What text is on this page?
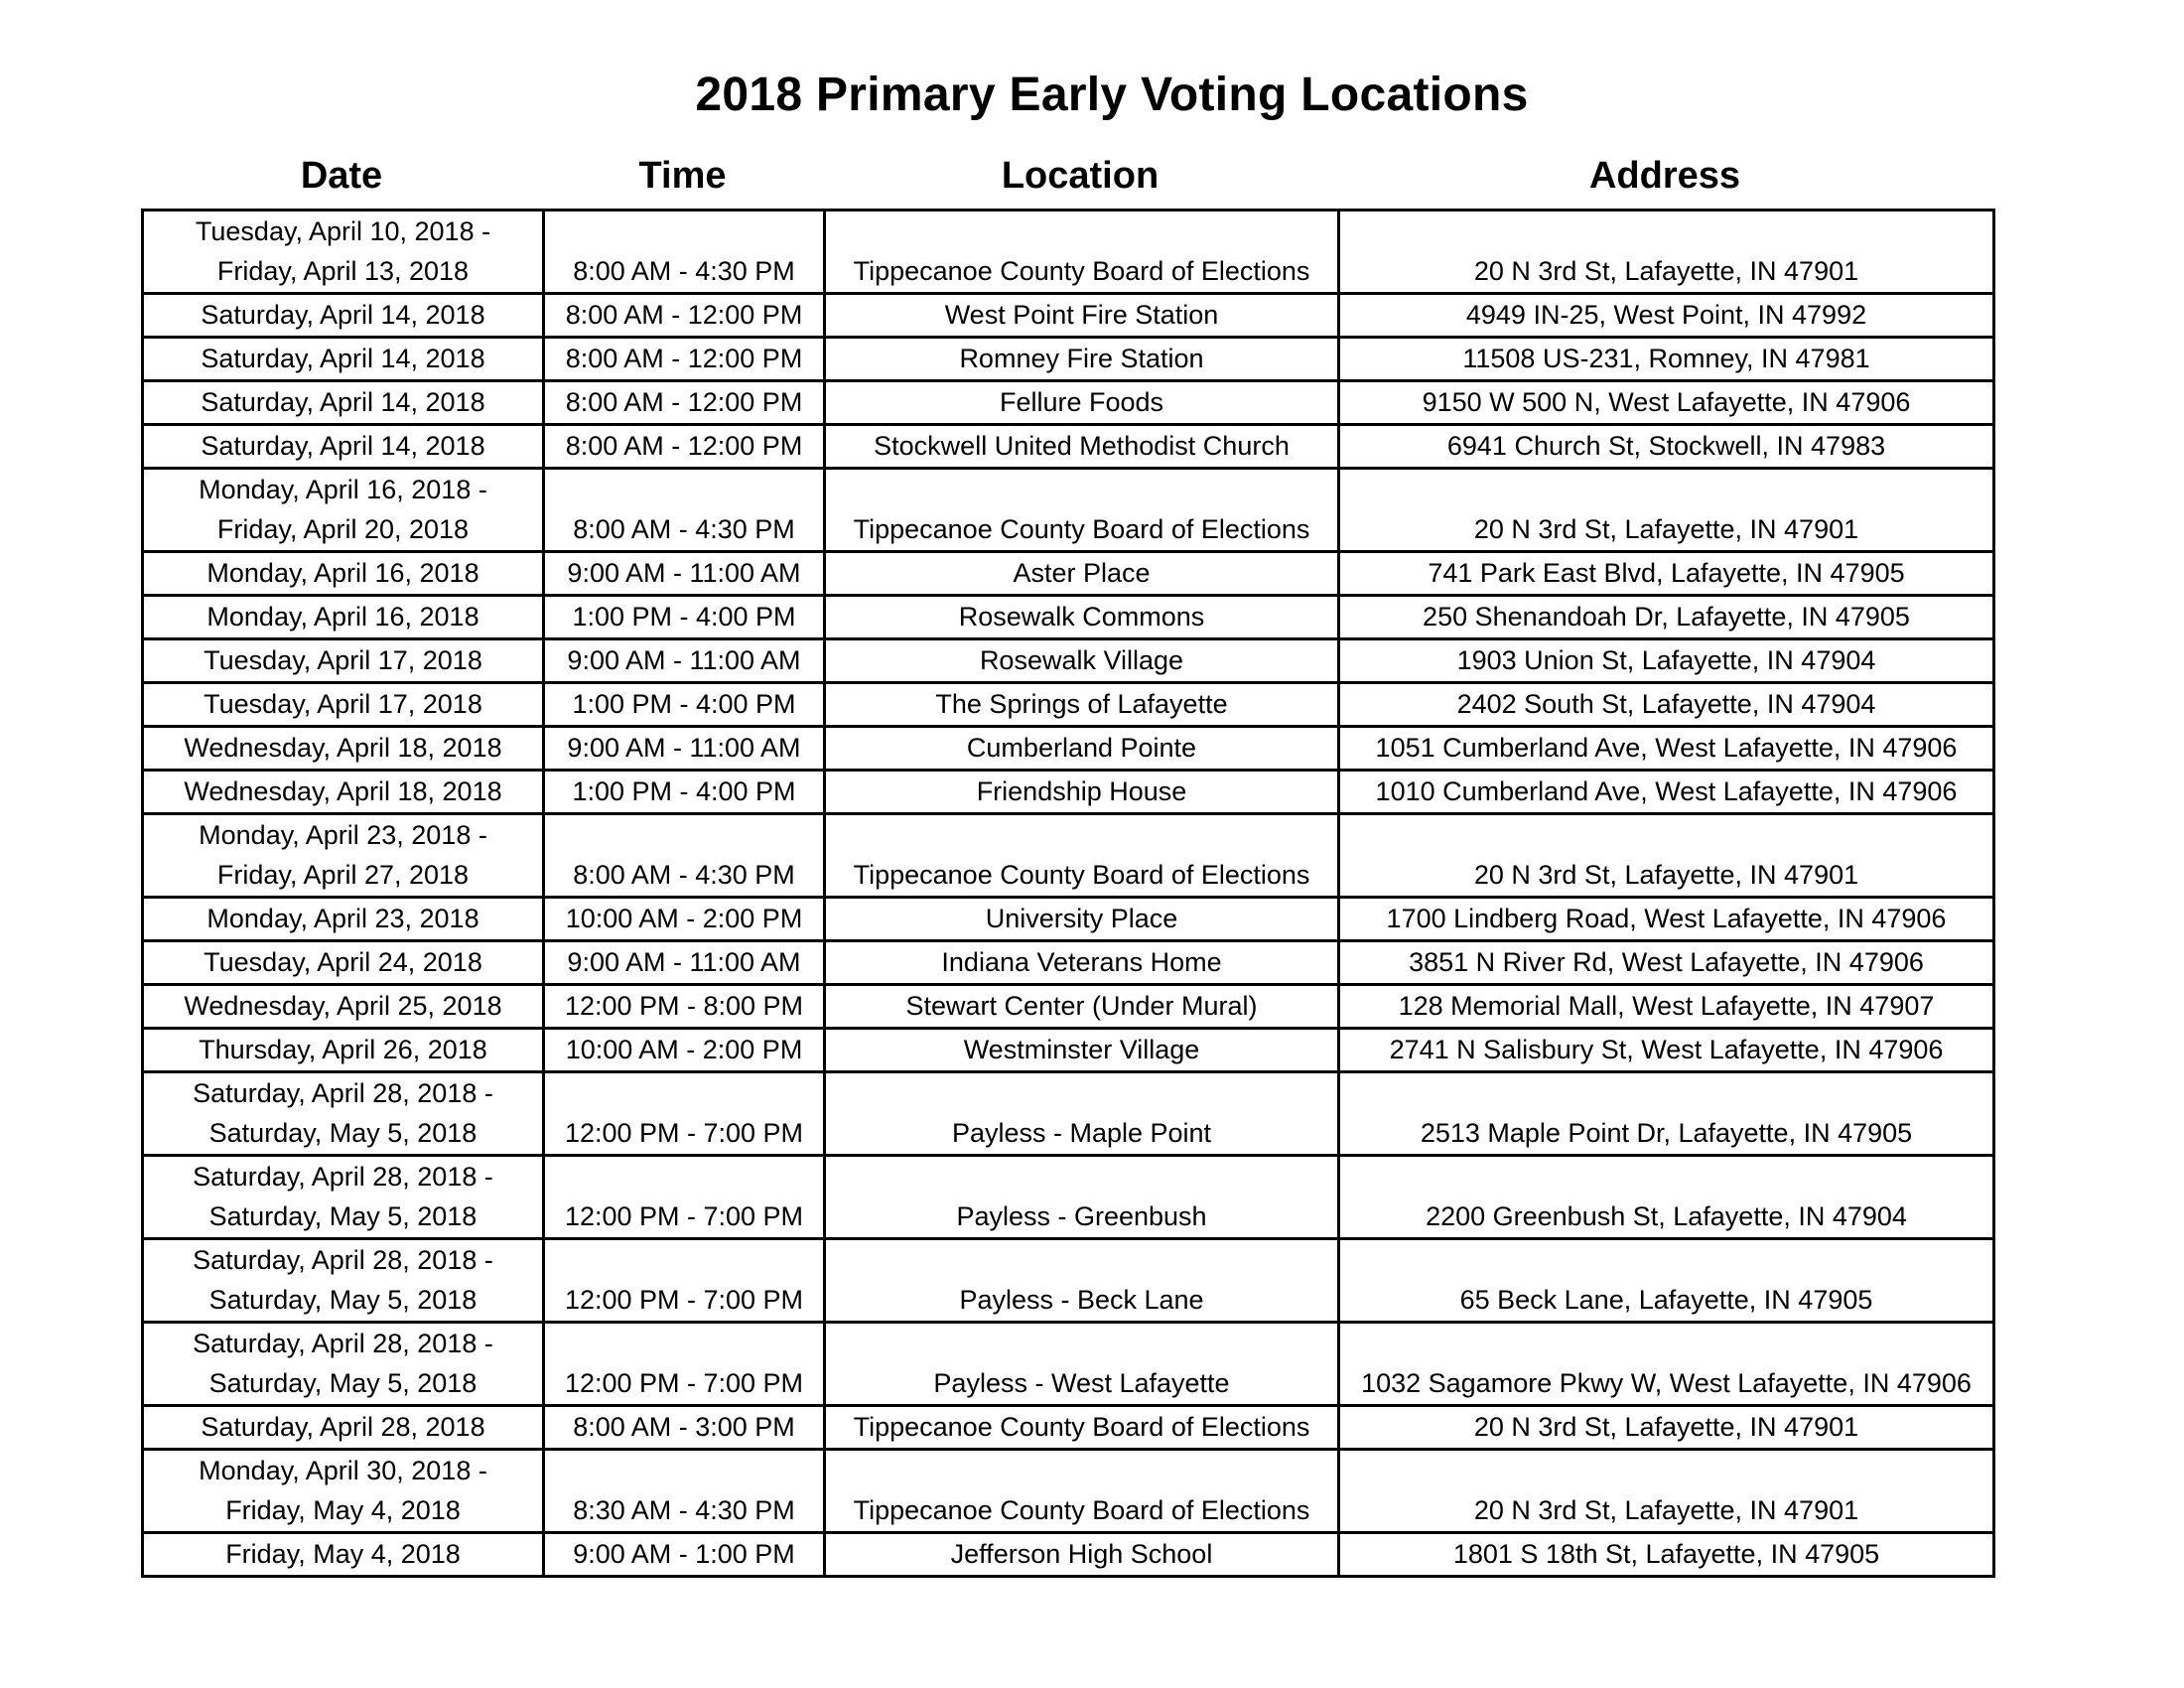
2018 Primary Early Voting Locations
Date	Time	Location	Address
Tuesday, April 10, 2018 -
Friday, April 13, 2018	8:00 AM - 4:30 PM	Tippecanoe County Board of Elections	20 N 3rd St, Lafayette, IN 47901

Saturday, April 14, 2018	8:00 AM - 12:00 PM	West Point Fire Station	4949 IN-25, West Point, IN 47992

Saturday, April 14, 2018	8:00 AM - 12:00 PM	Romney Fire Station	11508 US-231, Romney, IN 47981

Saturday, April 14, 2018	8:00 AM - 12:00 PM	Fellure Foods	9150 W 500 N, West Lafayette, IN 47906

Saturday, April 14, 2018	8:00 AM - 12:00 PM	Stockwell United Methodist Church	6941 Church St, Stockwell, IN 47983

Monday, April 16, 2018 -
Friday, April 20, 2018	8:00 AM - 4:30 PM	Tippecanoe County Board of Elections	20 N 3rd St, Lafayette, IN 47901

Monday, April 16, 2018	9:00 AM - 11:00 AM	Aster Place	741 Park East Blvd, Lafayette, IN 47905

Monday, April 16, 2018	1:00 PM - 4:00 PM	Rosewalk Commons	250 Shenandoah Dr, Lafayette, IN 47905

Tuesday, April 17, 2018	9:00 AM - 11:00 AM	Rosewalk Village	1903 Union St, Lafayette, IN 47904

Tuesday, April 17, 2018	1:00 PM - 4:00 PM	The Springs of Lafayette	2402 South St, Lafayette, IN 47904

Wednesday, April 18, 2018	9:00 AM - 11:00 AM	Cumberland Pointe	1051 Cumberland Ave, West Lafayette, IN 47906

Wednesday, April 18, 2018	1:00 PM - 4:00 PM	Friendship House	1010 Cumberland Ave, West Lafayette, IN 47906

Monday, April 23, 2018 -
Friday, April 27, 2018	8:00 AM - 4:30 PM	Tippecanoe County Board of Elections	20 N 3rd St, Lafayette, IN 47901

Monday, April 23, 2018	10:00 AM - 2:00 PM	University Place	1700 Lindberg Road, West Lafayette, IN 47906

Tuesday, April 24, 2018	9:00 AM - 11:00 AM	Indiana Veterans Home	3851 N River Rd, West Lafayette, IN 47906

Wednesday, April 25, 2018	12:00 PM - 8:00 PM	Stewart Center (Under Mural)	128 Memorial Mall, West Lafayette, IN 47907

Thursday, April 26, 2018	10:00 AM - 2:00 PM	Westminster Village	2741 N Salisbury St, West Lafayette, IN 47906

Saturday, April 28, 2018 -
Saturday, May 5, 2018	12:00 PM - 7:00 PM	Payless - Maple Point	2513 Maple Point Dr, Lafayette, IN 47905

Saturday, April 28, 2018 -
Saturday, May 5, 2018	12:00 PM - 7:00 PM	Payless - Greenbush	2200 Greenbush St, Lafayette, IN 47904

Saturday, April 28, 2018 -
Saturday, May 5, 2018	12:00 PM - 7:00 PM	Payless - Beck Lane	65 Beck Lane, Lafayette, IN 47905

Saturday, April 28, 2018 -
Saturday, May 5, 2018	12:00 PM - 7:00 PM	Payless - West Lafayette	1032 Sagamore Pkwy W, West Lafayette, IN 47906

Saturday, April 28, 2018	8:00 AM - 3:00 PM	Tippecanoe County Board of Elections	20 N 3rd St, Lafayette, IN 47901

Monday, April 30, 2018 -
Friday, May 4, 2018	8:30 AM - 4:30 PM	Tippecanoe County Board of Elections	20 N 3rd St, Lafayette, IN 47901

Friday, May 4, 2018	9:00 AM - 1:00 PM	Jefferson High School	1801 S 18th St, Lafayette, IN 47905
